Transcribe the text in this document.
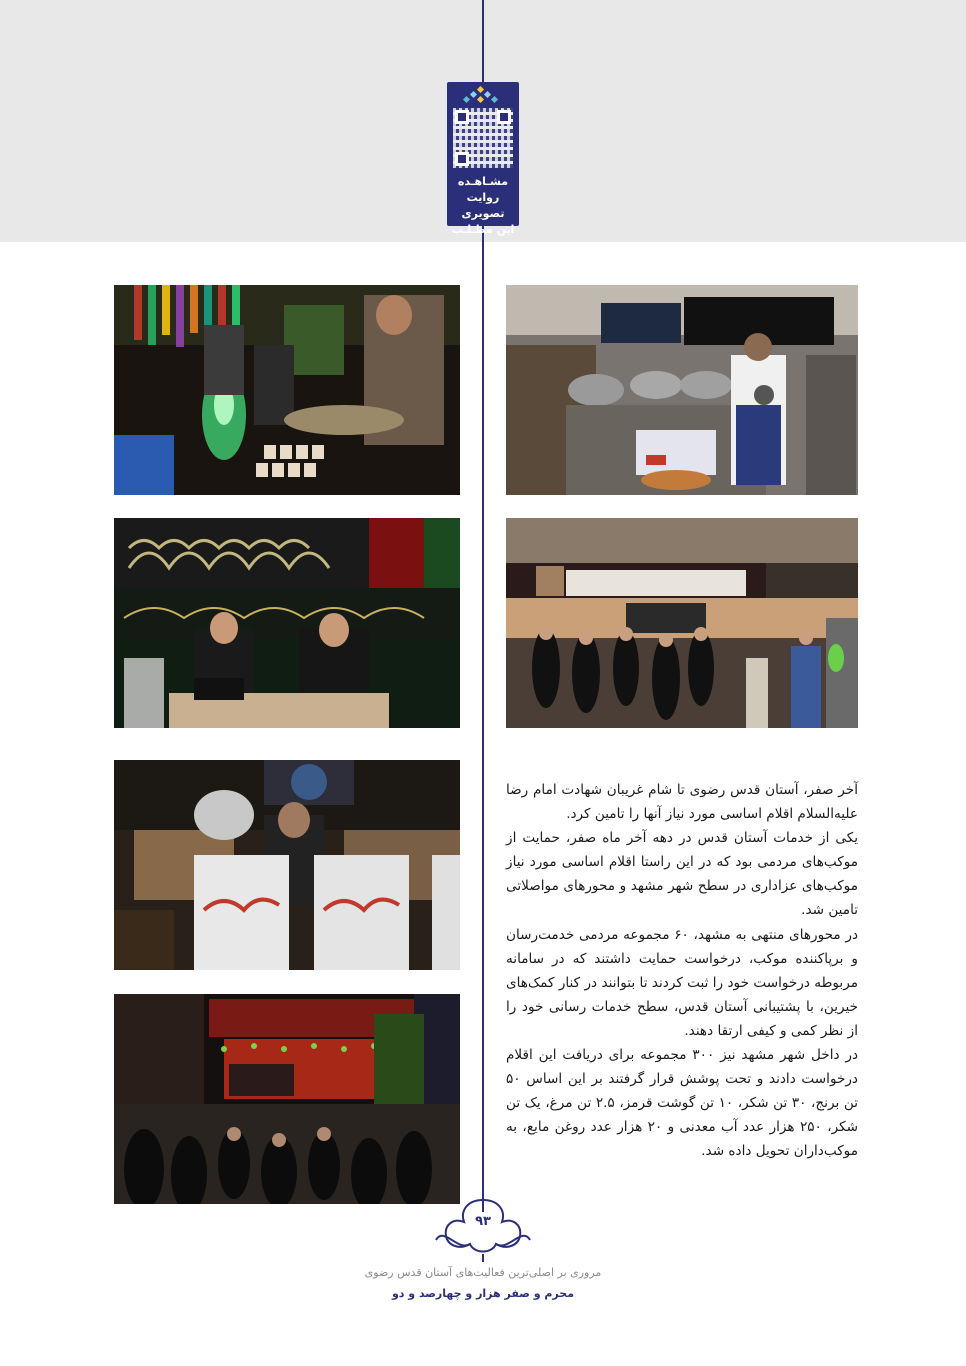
مشـاهـده
روایت تصویری
این مطـلـب

آخر صفر، آستان قدس رضوی تا شام غریبان شهادت امام رضا علیه‌السلام اقلام اساسی مورد نیاز آنها را تامین کرد.

یکی از خدمات آستان قدس در دهه آخر ماه صفر، حمایت از موکب‌های مردمی بود که در این راستا اقلام اساسی مورد نیاز موکب‌های عزاداری در سطح شهر مشهد و محورهای مواصلاتی تامین شد.

در محورهای منتهی به مشهد، ۶۰ مجموعه مردمی خدمت‌رسان و برپاکننده موکب، درخواست حمایت داشتند که در سامانه مربوطه درخواست خود را ثبت کردند تا بتوانند در کنار کمک‌های خیرین، با پشتیبانی آستان قدس، سطح خدمات رسانی خود را از نظر کمی و کیفی ارتقا دهند.

در داخل شهر مشهد نیز ۳۰۰ مجموعه برای دریافت این اقلام درخواست دادند و تحت پوشش قرار گرفتند بر این اساس ۵۰ تن برنج، ۳۰ تن شکر، ۱۰ تن گوشت قرمز، ۲.۵ تن مرغ، یک تن شکر، ۲۵۰ هزار عدد آب معدنی و ۲۰ هزار عدد روغن مایع، به موکب‌داران تحویل داده شد.

۹۳
مروری بر اصلی‌ترین فعالیت‌های آستان قدس رضوی
محرم و صفر هزار و چهارصد و دو
